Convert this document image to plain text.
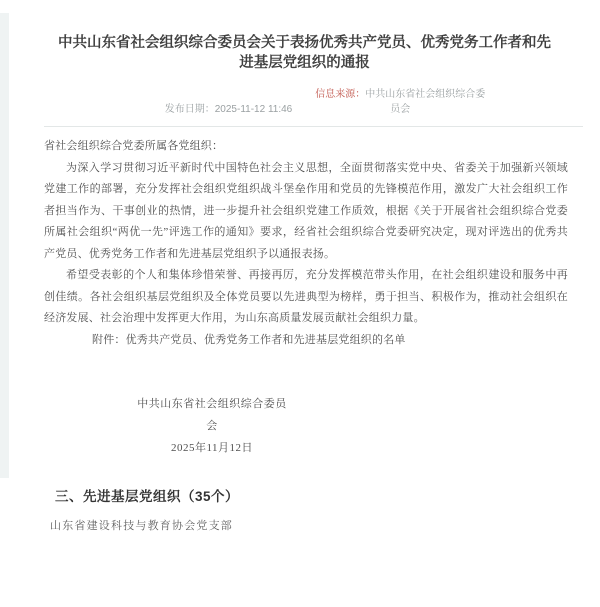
中共山东省社会组织综合委员会关于表扬优秀共产党员、优秀党务工作者和先进基层党组织的通报
发布日期：2025-11-12 11:46
信息来源：中共山东省社会组织综合委员会

省社会组织综合党委所属各党组织：

为深入学习贯彻习近平新时代中国特色社会主义思想，全面贯彻落实党中央、省委关于加强新兴领域党建工作的部署，充分发挥社会组织党组织战斗堡垒作用和党员的先锋模范作用，激发广大社会组织工作者担当作为、干事创业的热情，进一步提升社会组织党建工作质效，根据《关于开展省社会组织综合党委所属社会组织“两优一先”评选工作的通知》要求，经省社会组织综合党委研究决定，现对评选出的优秀共产党员、优秀党务工作者和先进基层党组织予以通报表扬。

希望受表彰的个人和集体珍惜荣誉、再接再厉，充分发挥模范带头作用，在社会组织建设和服务中再创佳绩。各社会组织基层党组织及全体党员要以先进典型为榜样，勇于担当、积极作为，推动社会组织在经济发展、社会治理中发挥更大作用，为山东高质量发展贡献社会组织力量。

附件：优秀共产党员、优秀党务工作者和先进基层党组织的名单

中共山东省社会组织综合委员会
2025年11月12日
三、先进基层党组织（35个）
山东省建设科技与教育协会党支部
